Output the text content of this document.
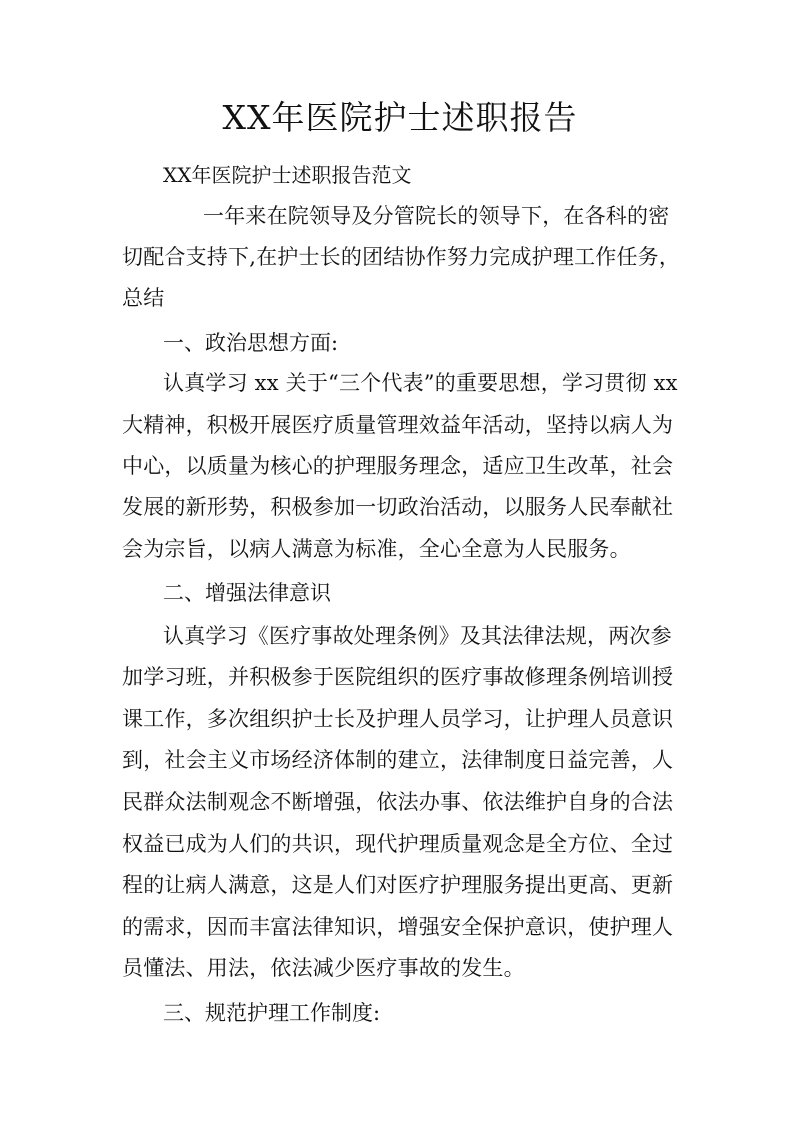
XX年医院护士述职报告
XX年医院护士述职报告范文
一年来在院领导及分管院长的领导下，在各科的密
切配合支持下,在护士长的团结协作努力完成护理工作任务，
总结
一、政治思想方面:
认真学习 xx 关于“三个代表”的重要思想，学习贯彻 xx
大精神，积极开展医疗质量管理效益年活动，坚持以病人为
中心，以质量为核心的护理服务理念，适应卫生改革，社会
发展的新形势，积极参加一切政治活动，以服务人民奉献社
会为宗旨，以病人满意为标准，全心全意为人民服务。
二、增强法律意识
认真学习《医疗事故处理条例》及其法律法规，两次参
加学习班，并积极参于医院组织的医疗事故修理条例培训授
课工作，多次组织护士长及护理人员学习，让护理人员意识
到，社会主义市场经济体制的建立，法律制度日益完善，人
民群众法制观念不断增强，依法办事、依法维护自身的合法
权益已成为人们的共识，现代护理质量观念是全方位、全过
程的让病人满意，这是人们对医疗护理服务提出更高、更新
的需求，因而丰富法律知识，增强安全保护意识，使护理人
员懂法、用法，依法减少医疗事故的发生。
三、规范护理工作制度:
